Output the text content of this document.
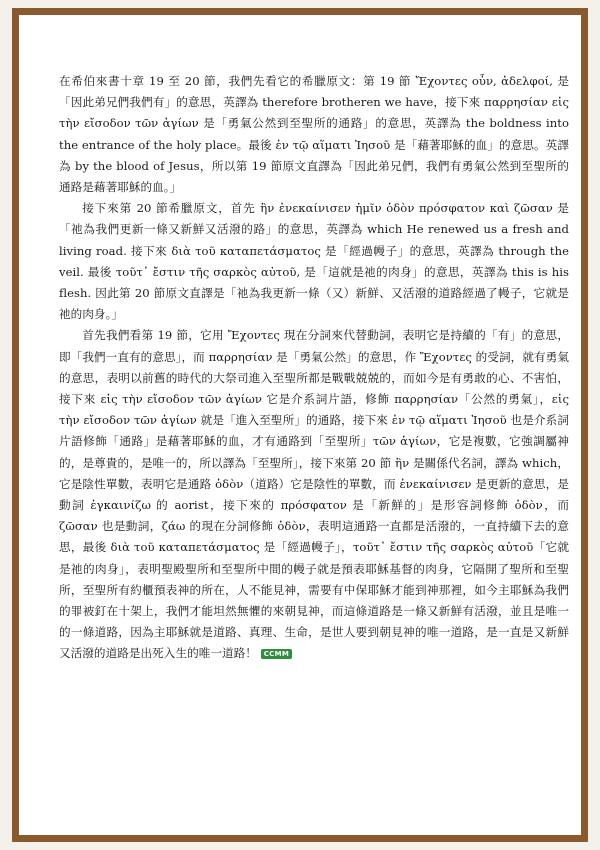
在希伯來書十章 19 至 20 節，我們先看它的希臘原文：第 19 節 Ἔχοντες οὖν, ἀδελφοί, 是「因此弟兄們我們有」的意思，英譯為 therefore brotheren we have，接下來 παρρησίαν εἰς τὴν εἴσοδον τῶν ἁγίων 是「勇氣公然到至聖所的通路」的意思，英譯為 the boldness into the entrance of the holy place。最後 ἐν τῷ αἵματι Ἰησοῦ 是「藉著耶穌的血」的意思。英譯為 by the blood of Jesus，所以第 19 節原文直譯為「因此弟兄們，我們有勇氣公然到至聖所的通路是藉著耶穌的血。」

接下來第 20 節希臘原文，首先 ἣν ἐνεκαίνισεν ἡμῖν ὁδὸν πρόσφατον καὶ ζῶσαν 是「祂為我們更新一條又新鮮又活潑的路」的意思，英譯為 which He renewed us a fresh and living road. 接下來 διὰ τοῦ καταπετάσματος 是「經過幔子」的意思，英譯為 through the veil. 最後 τοῦτ᾽ ἔστιν τῆς σαρκὸς αὐτοῦ, 是「這就是祂的肉身」的意思，英譯為 this is his flesh. 因此第 20 節原文直譯是「祂為我更新一條（又）新鮮、又活潑的道路經過了幔子，它就是祂的肉身。」

首先我們看第 19 節，它用 Ἔχοντες 現在分詞來代替動詞，表明它是持續的「有」的意思，即「我們一直有的意思」，而 παρρησίαν 是「勇氣公然」的意思，作 Ἔχοντες 的受詞，就有勇氣的意思，表明以前舊的時代的大祭司進入至聖所都是戰戰兢兢的，而如今是有勇敢的心、不害怕，接下來 εἰς τὴν εἴσοδον τῶν ἁγίων 它是介系詞片語，修飾 παρρησίαν「公然的勇氣」，εἰς τὴν εἴσοδον τῶν ἁγίων 就是「進入至聖所」的通路，接下來 ἐν τῷ αἵματι Ἰησοῦ 也是介系詞片語修飾「通路」是藉著耶穌的血，才有通路到「至聖所」τῶν ἁγίων，它是複數，它強調屬神的，是尊貴的，是唯一的，所以譯為「至聖所」，接下來第 20 節 ἣν 是關係代名詞，譯為 which，它是陰性單數，表明它是通路 ὁδὸν（道路）它是陰性的單數，而 ἐνεκαίνισεν 是更新的意思，是動詞 ἐγκαινίζω 的 aorist，接下來的 πρόσφατον 是「新鮮的」是形容詞修飾 ὁδὸν，而 ζῶσαν 也是動詞，ζάω 的現在分詞修飾 ὁδὸν，表明這通路一直都是活潑的，一直持續下去的意思，最後 διὰ τοῦ καταπετάσματος 是「經過幔子」，τοῦτ᾽ ἔστιν τῆς σαρκὸς αὐτοῦ「它就是祂的肉身」，表明聖殿聖所和至聖所中間的幔子就是預表耶穌基督的肉身，它隔開了聖所和至聖所，至聖所有約櫃預表神的所在，人不能見神，需要有中保耶穌才能到神那裡，如今主耶穌為我們的罪被釘在十架上，我們才能坦然無懼的來朝見神，而這條道路是一條又新鮮有活潑，並且是唯一的一條道路，因為主耶穌就是道路、真理、生命，是世人要到朝見神的唯一道路，是一直是又新鮮又活潑的道路是出死入生的唯一道路！ CCMM
